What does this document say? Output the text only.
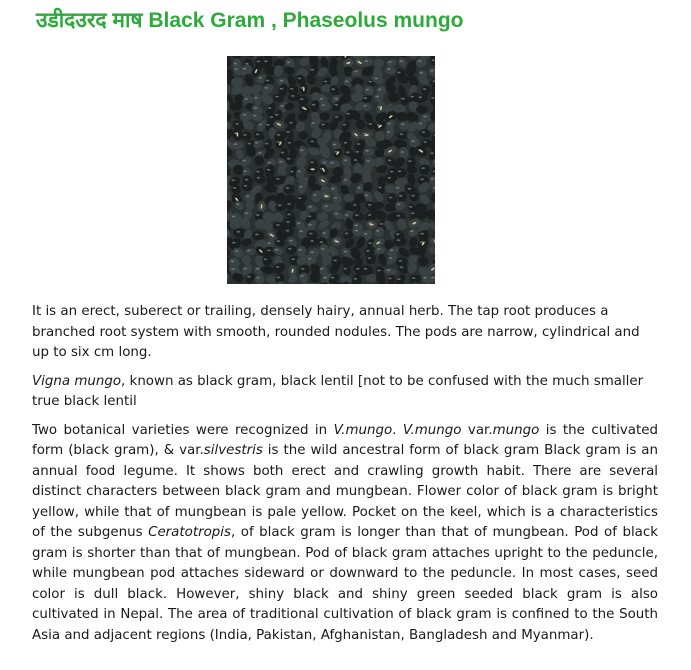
उडीदउरद माष Black Gram , Phaseolus mungo

It is an erect, suberect or trailing, densely hairy, annual herb. The tap root produces a branched root system with smooth, rounded nodules. The pods are narrow, cylindrical and up to six cm long.

Vigna mungo, known as black gram, black lentil [not to be confused with the much smaller true black lentil

Two botanical varieties were recognized in V.mungo. V.mungo var.mungo is the cultivated form (black gram), & var.silvestris is the wild ancestral form of black gram Black gram is an annual food legume. It shows both erect and crawling growth habit. There are several distinct characters between black gram and mungbean. Flower color of black gram is bright yellow, while that of mungbean is pale yellow. Pocket on the keel, which is a characteristics of the subgenus Ceratotropis, of black gram is longer than that of mungbean. Pod of black gram is shorter than that of mungbean. Pod of black gram attaches upright to the peduncle, while mungbean pod attaches sideward or downward to the peduncle. In most cases, seed color is dull black. However, shiny black and shiny green seeded black gram is also cultivated in Nepal. The area of traditional cultivation of black gram is confined to the South Asia and adjacent regions (India, Pakistan, Afghanistan, Bangladesh and Myanmar).
